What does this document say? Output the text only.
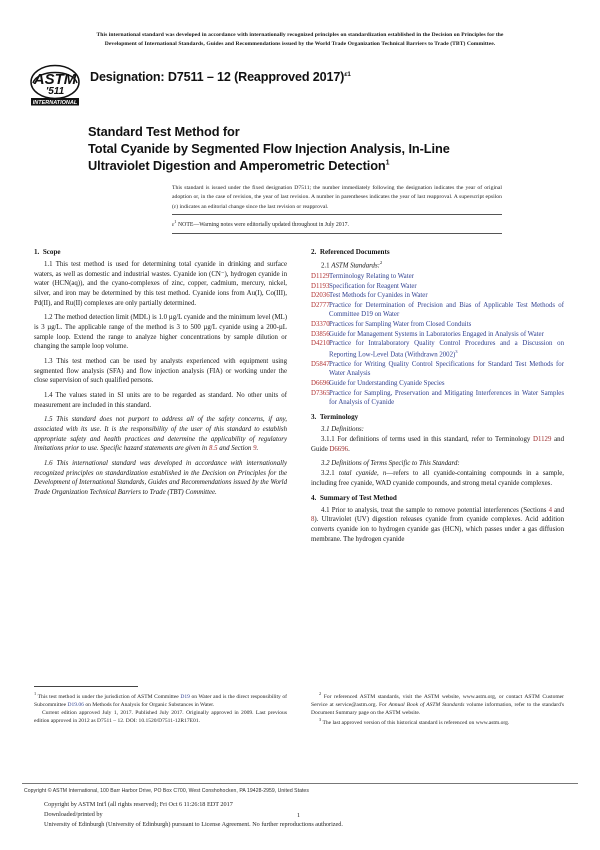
This international standard was developed in accordance with internationally recognized principles on standardization established in the Decision on Principles for the
Development of International Standards, Guides and Recommendations issued by the World Trade Organization Technical Barriers to Trade (TBT) Committee.
ASTM
'511
INTERNATIONAL
Designation: D7511 – 12 (Reapproved 2017)$^{\varepsilon 1}$
Standard Test Method for
Total Cyanide by Segmented Flow Injection Analysis, In-Line
Ultraviolet Digestion and Amperometric Detection$^1$
This standard is issued under the fixed designation D7511; the number immediately following the designation indicates the year of original adoption or, in the case of revision, the year of last revision. A number in parentheses indicates the year of last reapproval. A superscript epsilon (ε) indicates an editorial change since the last revision or reapproval.
$\varepsilon^1$ NOTE—Warning notes were editorially updated throughout in July 2017.
1. Scope

1.1 This test method is used for determining total cyanide in drinking and surface waters, as well as domestic and industrial wastes. Cyanide ion (CN⁻), hydrogen cyanide in water (HCN(aq)), and the cyano-complexes of zinc, copper, cadmium, mercury, nickel, silver, and iron may be determined by this test method. Cyanide ions from Au(I), Co(III), Pd(II), and Ru(II) complexes are only partially determined.

1.2 The method detection limit (MDL) is 1.0 µg/L cyanide and the minimum level (ML) is 3 µg/L. The applicable range of the method is 3 to 500 µg/L cyanide using a 200-µL sample loop. Extend the range to analyze higher concentrations by sample dilution or changing the sample loop volume.

1.3 This test method can be used by analysts experienced with equipment using segmented flow analysis (SFA) and flow injection analysis (FIA) or working under the close supervision of such qualified persons.

1.4 The values stated in SI units are to be regarded as standard. No other units of measurement are included in this standard.

1.5 This standard does not purport to address all of the safety concerns, if any, associated with its use. It is the responsibility of the user of this standard to establish appropriate safety and health practices and determine the applicability of regulatory limitations prior to use. Specific hazard statements are given in 8.5 and Section 9.

1.6 This international standard was developed in accordance with internationally recognized principles on standardization established in the Decision on Principles for the Development of International Standards, Guides and Recommendations issued by the World Trade Organization Technical Barriers to Trade (TBT) Committee.

2. Referenced Documents

2.1 ASTM Standards:$^2$

D1129Terminology Relating to Water
D1193Specification for Reagent Water
D2036Test Methods for Cyanides in Water
D2777Practice for Determination of Precision and Bias of Applicable Test Methods of Committee D19 on Water
D3370Practices for Sampling Water from Closed Conduits
D3856Guide for Management Systems in Laboratories Engaged in Analysis of Water
D4210Practice for Intralaboratory Quality Control Procedures and a Discussion on Reporting Low-Level Data (Withdrawn 2002)$^3$
D5847Practice for Writing Quality Control Specifications for Standard Test Methods for Water Analysis
D6696Guide for Understanding Cyanide Species
D7365Practice for Sampling, Preservation and Mitigating Interferences in Water Samples for Analysis of Cyanide
3. Terminology

3.1 Definitions:

3.1.1 For definitions of terms used in this standard, refer to Terminology D1129 and Guide D6696.

3.2 Definitions of Terms Specific to This Standard:

3.2.1 total cyanide, n—refers to all cyanide-containing compounds in a sample, including free cyanide, WAD cyanide compounds, and strong metal cyanide complexes.

4. Summary of Test Method

4.1 Prior to analysis, treat the sample to remove potential interferences (Sections 4 and 8). Ultraviolet (UV) digestion releases cyanide from cyanide complexes. Acid addition converts cyanide ion to hydrogen cyanide gas (HCN), which passes under a gas diffusion membrane. The hydrogen cyanide

$^1$ This test method is under the jurisdiction of ASTM Committee D19 on Water and is the direct responsibility of Subcommittee D19.06 on Methods for Analysis for Organic Substances in Water.

Current edition approved July 1, 2017. Published July 2017. Originally approved in 2009. Last previous edition approved in 2012 as D7511 – 12. DOI: 10.1520/D7511-12R17E01.

$^2$ For referenced ASTM standards, visit the ASTM website, www.astm.org, or contact ASTM Customer Service at service@astm.org. For Annual Book of ASTM Standards volume information, refer to the standard's Document Summary page on the ASTM website.

$^3$ The last approved version of this historical standard is referenced on www.astm.org.

Copyright © ASTM International, 100 Barr Harbor Drive, PO Box C700, West Conshohocken, PA 19428-2959, United States
Copyright by ASTM Int'l (all rights reserved); Fri Oct 6 11:26:18 EDT 2017
Downloaded/printed by
University of Edinburgh (University of Edinburgh) pursuant to License Agreement. No further reproductions authorized.
1
